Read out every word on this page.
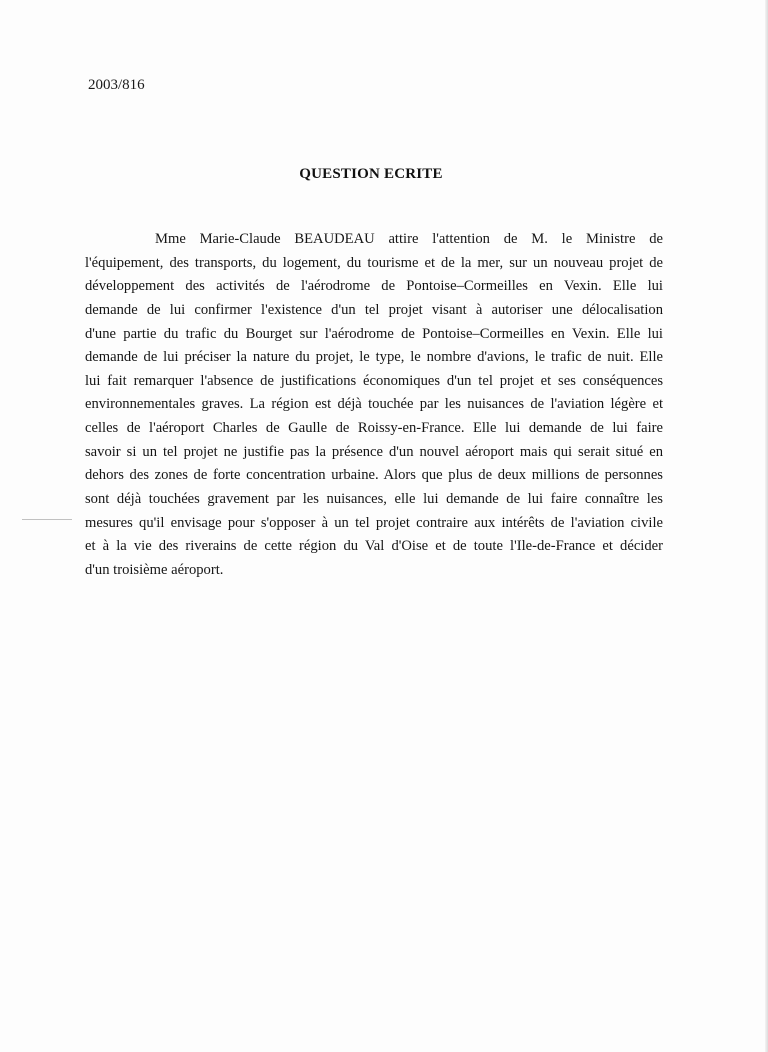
2003/816
QUESTION ECRITE
Mme Marie-Claude BEAUDEAU attire l'attention de M. le Ministre de
l'équipement, des transports, du logement, du tourisme et de la mer, sur un nouveau projet de
développement des activités de l'aérodrome de Pontoise–Cormeilles en Vexin. Elle lui
demande de lui confirmer l'existence d'un tel projet visant à autoriser une délocalisation
d'une partie du trafic du Bourget sur l'aérodrome de Pontoise–Cormeilles en Vexin. Elle lui
demande de lui préciser la nature du projet, le type, le nombre d'avions, le trafic de nuit. Elle
lui fait remarquer l'absence de justifications économiques d'un tel projet et ses conséquences
environnementales graves. La région est déjà touchée par les nuisances de l'aviation légère et
celles de l'aéroport Charles de Gaulle de Roissy-en-France. Elle lui demande de lui faire
savoir si un tel projet ne justifie pas la présence d'un nouvel aéroport mais qui serait situé en
dehors des zones de forte concentration urbaine. Alors que plus de deux millions de personnes
sont déjà touchées gravement par les nuisances, elle lui demande de lui faire connaître les
mesures qu'il envisage pour s'opposer à un tel projet contraire aux intérêts de l'aviation civile
et à la vie des riverains de cette région du Val d'Oise et de toute l'Ile-de-France et décider
d'un troisième aéroport.
